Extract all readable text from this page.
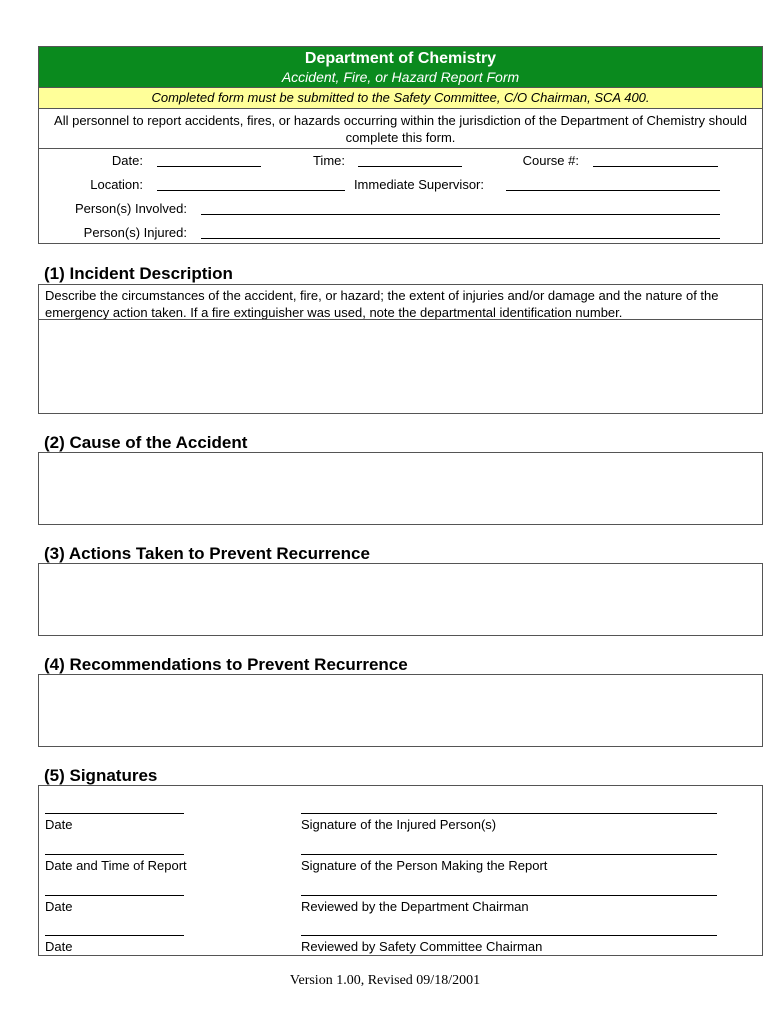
Department of Chemistry
Accident, Fire, or Hazard Report Form
Completed form must be submitted to the Safety Committee, C/O Chairman, SCA 400.
All personnel to report accidents, fires, or hazards occurring within the jurisdiction of the Department of Chemistry should complete this form.
Date:	Time:	Course #:
Location:	Immediate Supervisor:
Person(s) Involved:
Person(s) Injured:
(1) Incident Description
Describe the circumstances of the accident, fire, or hazard; the extent of injuries and/or damage and the nature of the emergency action taken. If a fire extinguisher was used, note the departmental identification number.
(2) Cause of the Accident
(3) Actions Taken to Prevent Recurrence
(4) Recommendations to Prevent Recurrence
(5) Signatures
Date	Signature of the Injured Person(s)
Date and Time of Report	Signature of the Person Making the Report
Date	Reviewed by the Department Chairman
Date	Reviewed by Safety Committee Chairman
Version 1.00, Revised 09/18/2001
